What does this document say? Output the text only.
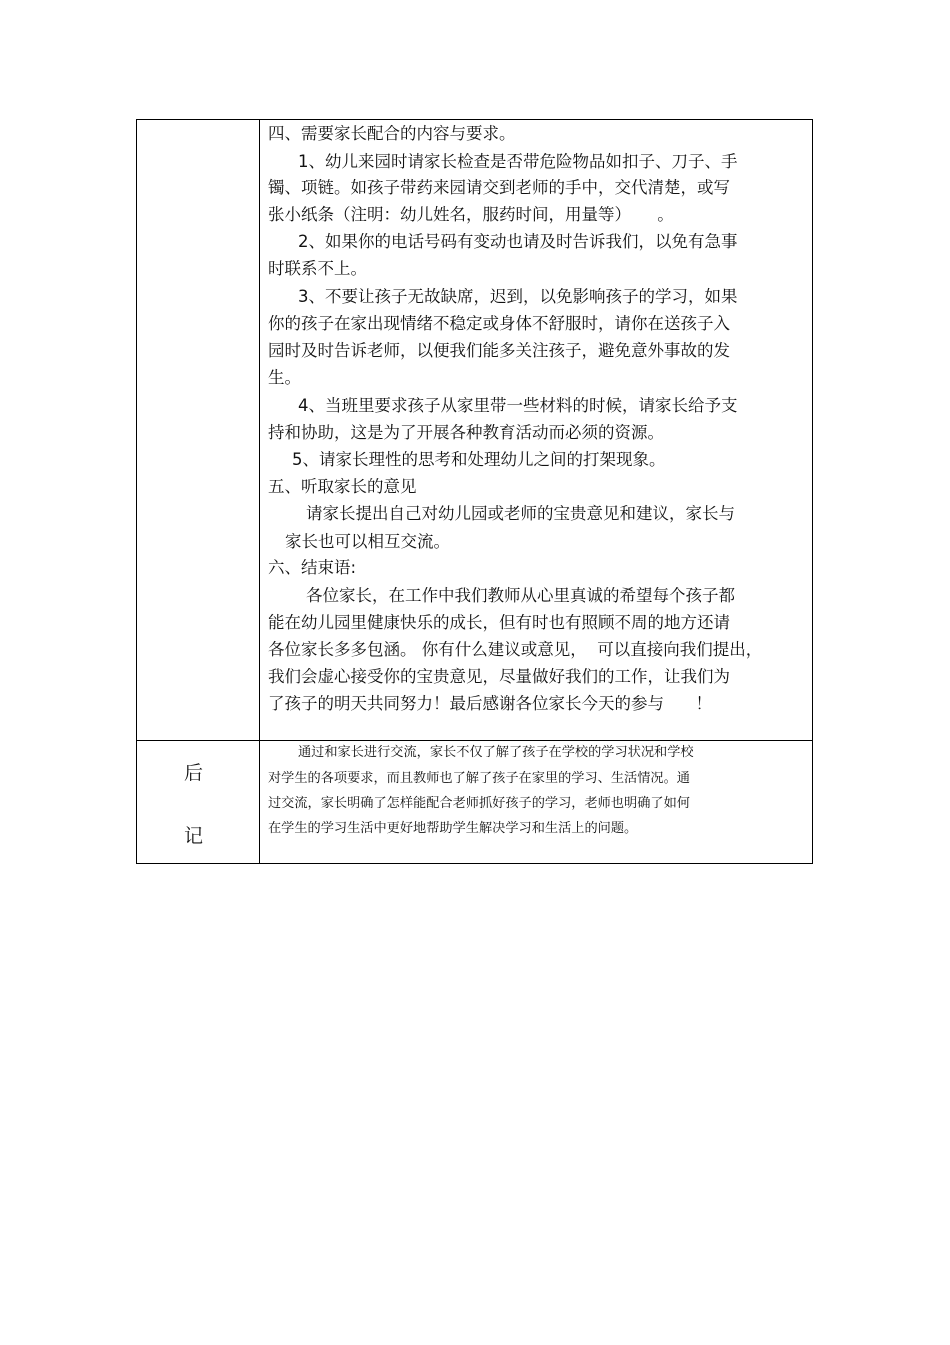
四、需要家长配合的内容与要求。
1、幼儿来园时请家长检查是否带危险物品如扣子、刀子、手
镯、项链。如孩子带药来园请交到老师的手中，交代清楚，或写
张小纸条（注明：幼儿姓名，服药时间，用量等）     。
2、如果你的电话号码有变动也请及时告诉我们，以免有急事
时联系不上。
3、不要让孩子无故缺席，迟到，以免影响孩子的学习，如果
你的孩子在家出现情绪不稳定或身体不舒服时，请你在送孩子入
园时及时告诉老师，以便我们能多关注孩子，避免意外事故的发
生。
4、当班里要求孩子从家里带一些材料的时候，请家长给予支
持和协助，这是为了开展各种教育活动而必须的资源。
5、请家长理性的思考和处理幼儿之间的打架现象。
五、听取家长的意见
请家长提出自己对幼儿园或老师的宝贵意见和建议，家长与
家长也可以相互交流。
六、结束语:
各位家长，在工作中我们教师从心里真诚的希望每个孩子都
能在幼儿园里健康快乐的成长，但有时也有照顾不周的地方还请
各位家长多多包涵。 你有什么建议或意见，  可以直接向我们提出，
我们会虚心接受你的宝贵意见，尽量做好我们的工作，让我们为
了孩子的明天共同努力！最后感谢各位家长今天的参与      ！
后
记
通过和家长进行交流，家长不仅了解了孩子在学校的学习状况和学校
对学生的各项要求，而且教师也了解了孩子在家里的学习、生活情况。通
过交流，家长明确了怎样能配合老师抓好孩子的学习，老师也明确了如何
在学生的学习生活中更好地帮助学生解决学习和生活上的问题。
